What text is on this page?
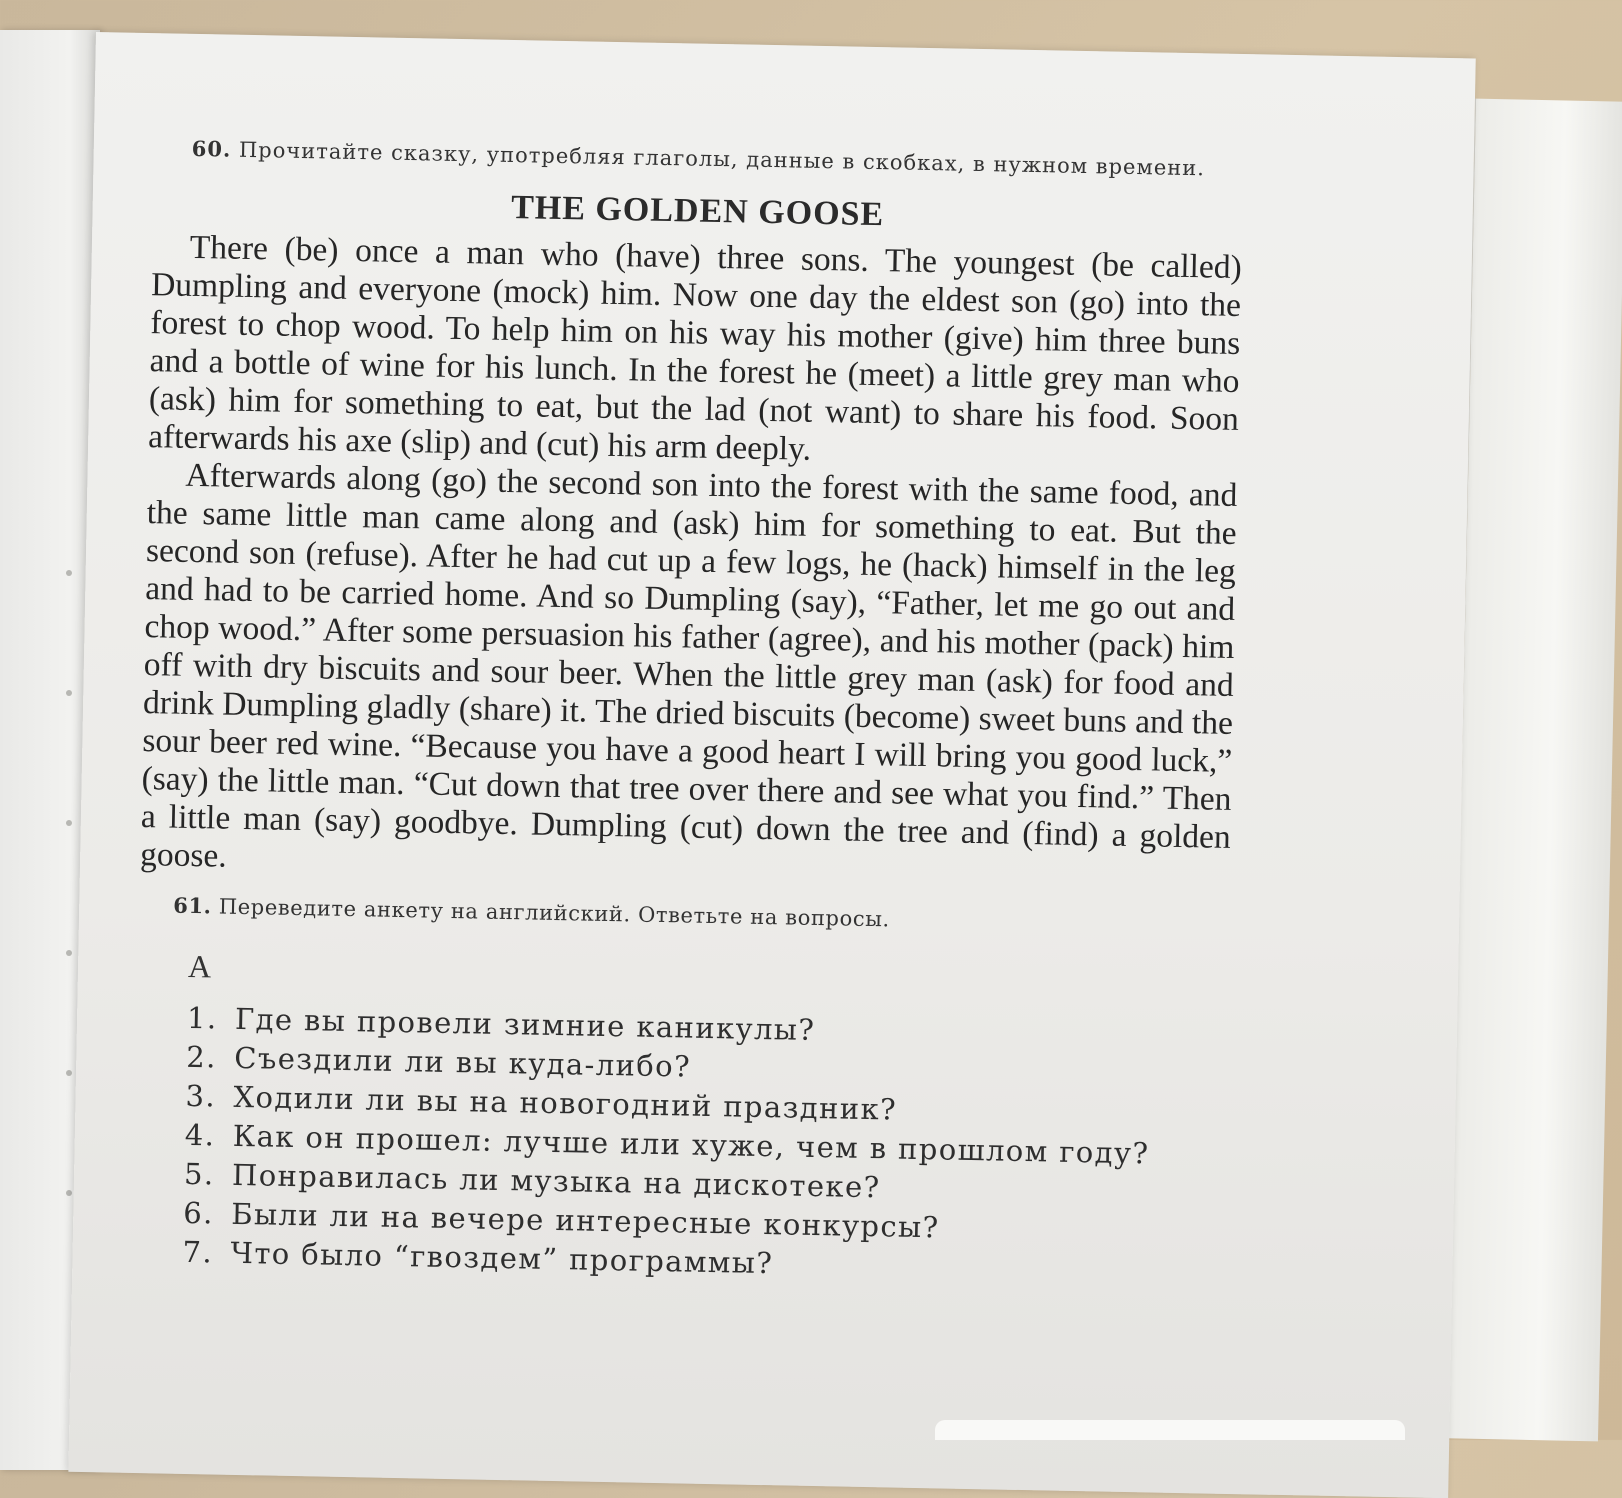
60. Прочитайте сказку, употребляя глаголы, данные в скобках, в нужном времени.

THE GOLDEN GOOSE

There (be) once a man who (have) three sons. The youngest (be called) Dumpling and everyone (mock) him. Now one day the eldest son (go) into the forest to chop wood. To help him on his way his mother (give) him three buns and a bottle of wine for his lunch. In the forest he (meet) a little grey man who (ask) him for something to eat, but the lad (not want) to share his food. Soon afterwards his axe (slip) and (cut) his arm deeply.

Afterwards along (go) the second son into the forest with the same food, and the same little man came along and (ask) him for something to eat. But the second son (refuse). After he had cut up a few logs, he (hack) himself in the leg and had to be carried home. And so Dumpling (say), “Father, let me go out and chop wood.” After some persuasion his father (agree), and his mother (pack) him off with dry biscuits and sour beer. When the little grey man (ask) for food and drink Dumpling gladly (share) it. The dried biscuits (become) sweet buns and the sour beer red wine. “Because you have a good heart I will bring you good luck,” (say) the little man. “Cut down that tree over there and see what you find.” Then a little man (say) goodbye. Dumpling (cut) down the tree and (find) a golden goose.

61. Переведите анкету на английский. Ответьте на вопросы.

A
1. Где вы провели зимние каникулы?
2. Съездили ли вы куда-либо?
3. Ходили ли вы на новогодний праздник?
4. Как он прошел: лучше или хуже, чем в прошлом году?
5. Понравилась ли музыка на дискотеке?
6. Были ли на вечере интересные конкурсы?
7. Что было “гвоздем” программы?
